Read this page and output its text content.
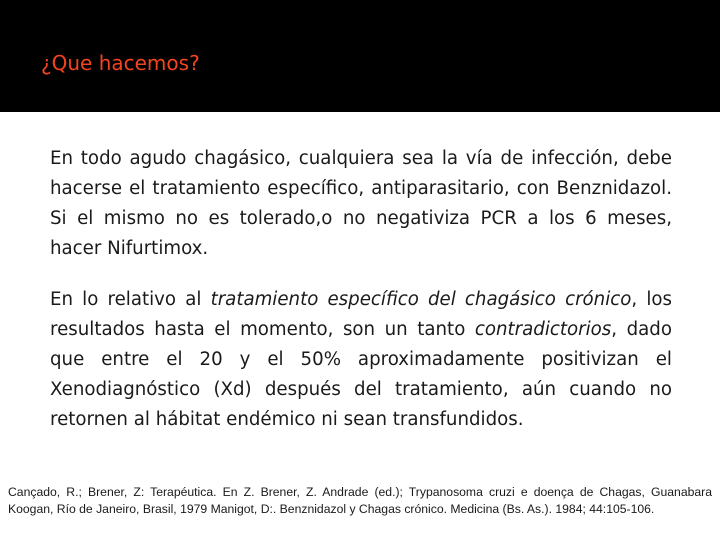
¿Que hacemos?

En todo agudo chagásico, cualquiera sea la vía de infección, debe hacerse el tratamiento específico, antiparasitario, con Benznidazol. Si el mismo no es tolerado,o no negativiza PCR a los 6 meses, hacer Nifurtimox.

En lo relativo al tratamiento específico del chagásico crónico, los resultados hasta el momento, son un tanto contradictorios, dado que entre el 20 y el 50% aproximadamente positivizan el Xenodiagnóstico (Xd) después del tratamiento, aún cuando no retornen al hábitat endémico ni sean transfundidos.

Cançado, R.; Brener, Z: Terapéutica. En Z. Brener, Z. Andrade (ed.); Trypanosoma cruzi e doença de Chagas, Guanabara Koogan, Río de Janeiro, Brasil, 1979 Manigot, D:. Benznidazol y Chagas crónico. Medicina (Bs. As.). 1984; 44:105-106.
